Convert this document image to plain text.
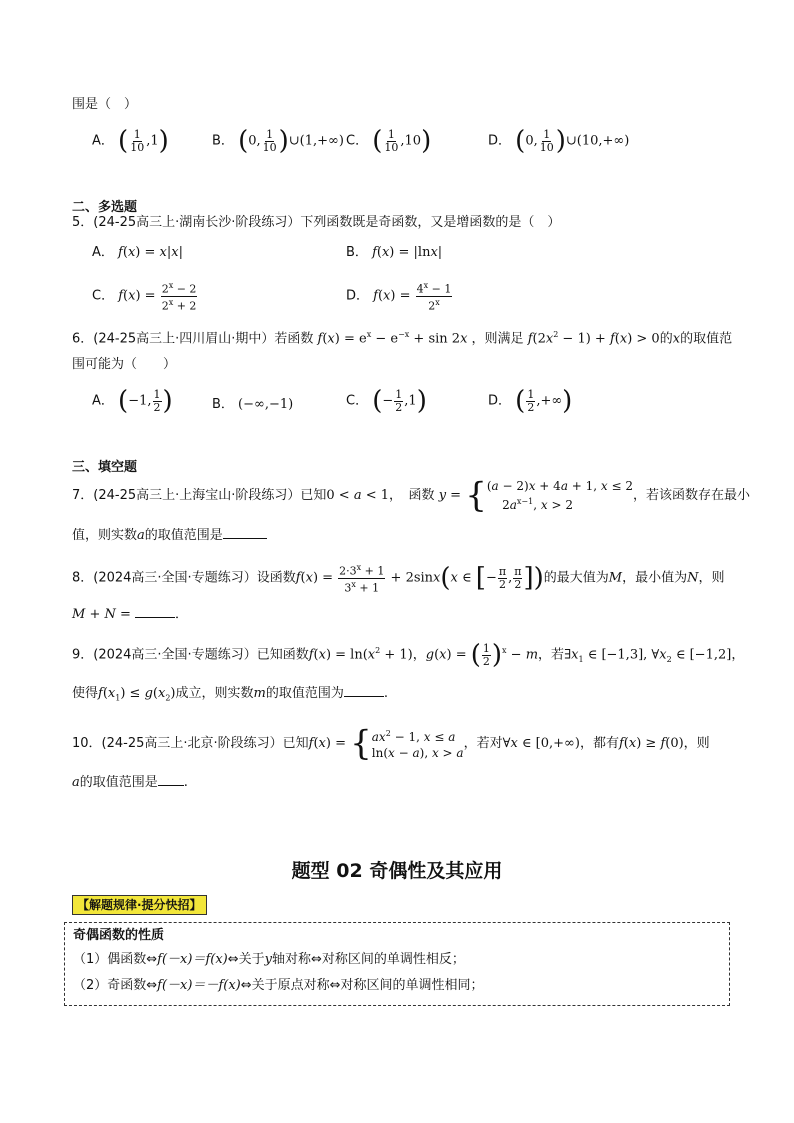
围是（　）
A． ( $\frac{1}{10} ,1$)	B． (0, $\frac{1}{10}$ )∪(1,+∞) C． ( $\frac{1}{10} ,10$)	D． (0, $\frac{1}{10}$ )∪(10,+∞)
二、多选题
5．(24-25高三上·湖南长沙·阶段练习）下列函数既是奇函数，又是增函数的是（　）
A． f(x) = x|x|	B． f(x) = |lnx|
C． $f(x) = \frac{2^x - 2}{2^x + 2}$	D． $f(x) = \frac{4^x - 1}{2^x}$
6．(24-25高三上·四川眉山·期中）若函数 $f(x) = e^x - e^{-x} + \sin 2x$ ，则满足 $f(2x^2 - 1) + f(x) > 0$的x的取值范
围可能为（　　）
A． (−1, $\frac{1}{2}$ )	B． (−∞,−1)	C． (− $\frac{1}{2} ,1$)	D． ( $\frac{1}{2}$ ,+∞)
三、填空题
7．(24-25高三上·上海宝山·阶段练习）已知0 < a < 1，　函数 y = { (a − 2)x + 4a + 1, x ≤ 2
$2a^{x-1}$, x > 2
，若该函数存在最小
值，则实数a的取值范围是
8．(2024高三·全国·专题练习）设函数$f(x) = \frac{2\cdot 3^x + 1}{3^x + 1} + 2\sin x(x$ ∈ [− $\frac{\pi}{2}$ , $\frac{\pi}{2}$ ])的最大值为M，最小值为N，则
M + N =	．
9．(2024高三·全国·专题练习）已知函数$f(x) = \ln(x^2 + 1)$，g(x) = ( $\frac{1}{2} )^x - m$，若$\exists x_1$ ∈ [−1,3], $\forall x_2$ ∈ [−1,2]，
使得$f(x_1) \le g(x_2)$成立，则实数m的取值范围为	.
10．(24-25高三上·北京·阶段练习）已知f(x) = { $ax^2 - 1$, x ≤ a
ln(x − a), x > a
，若对∀x ∈ [0,+∞)，都有f(x) ≥ f(0)，则
a的取值范围是 .
题型 02 奇偶性及其应用
【解题规律·提分快招】
奇偶函数的性质
（1）偶函数⇔f(－x)＝f(x)⇔关于y轴对称⇔对称区间的单调性相反；
（2）奇函数⇔f(－x)＝－f(x)⇔关于原点对称⇔对称区间的单调性相同；
